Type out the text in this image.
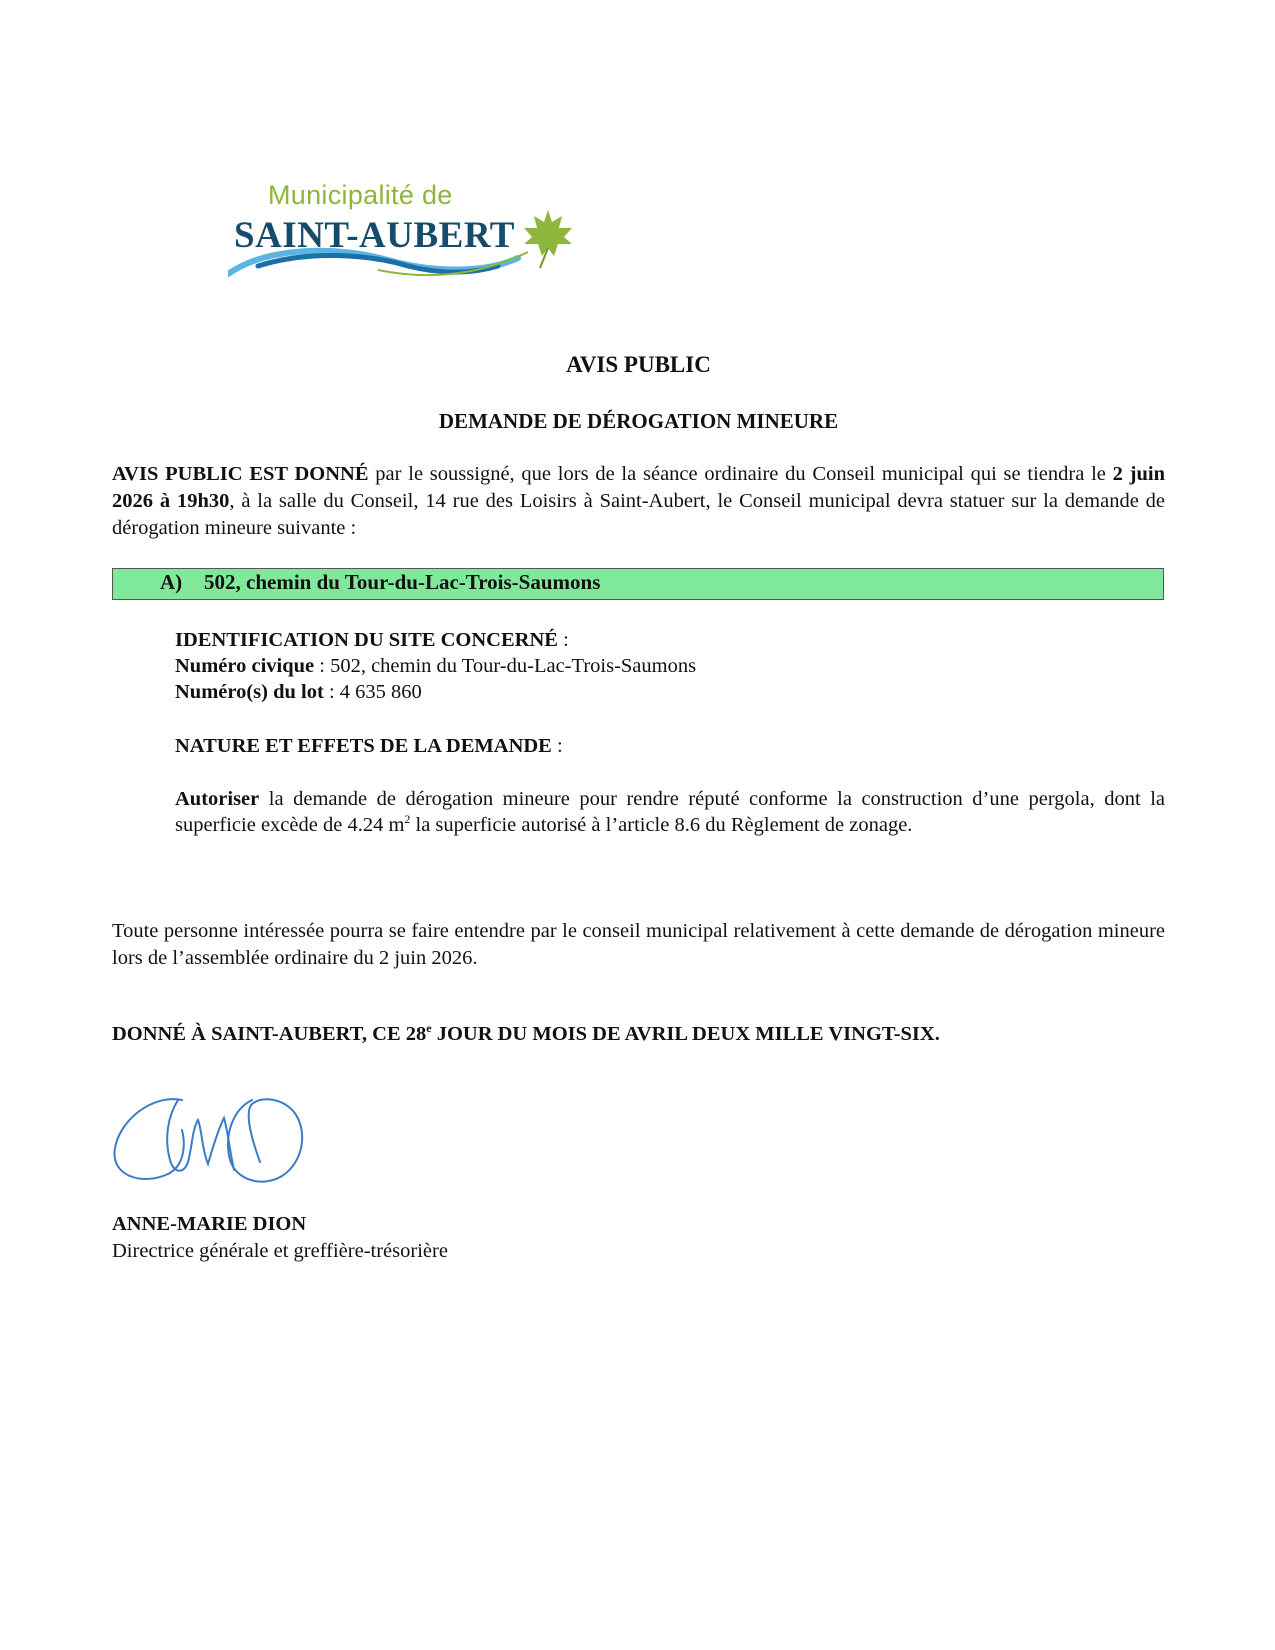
Municipalité de
SAINT-AUBERT
AVIS PUBLIC
DEMANDE DE DÉROGATION MINEURE
AVIS PUBLIC EST DONNÉ par le soussigné, que lors de la séance ordinaire du Conseil municipal qui se tiendra le 2 juin 2026 à 19h30, à la salle du Conseil, 14 rue des Loisirs à Saint-Aubert, le Conseil municipal devra statuer sur la demande de dérogation mineure suivante :
A) 502, chemin du Tour-du-Lac-Trois-Saumons
IDENTIFICATION DU SITE CONCERNÉ :
Numéro civique : 502, chemin du Tour-du-Lac-Trois-Saumons
Numéro(s) du lot : 4 635 860
NATURE ET EFFETS DE LA DEMANDE :
Autoriser la demande de dérogation mineure pour rendre réputé conforme la construction d’une pergola, dont la superficie excède de 4.24 $m^2$ la superficie autorisé à l’article 8.6 du Règlement de zonage.
Toute personne intéressée pourra se faire entendre par le conseil municipal relativement à cette demande de dérogation mineure lors de l’assemblée ordinaire du 2 juin 2026.
DONNÉ À SAINT-AUBERT, CE 28e JOUR DU MOIS DE AVRIL DEUX MILLE VINGT-SIX.
ANNE-MARIE DION
Directrice générale et greffière-trésorière
